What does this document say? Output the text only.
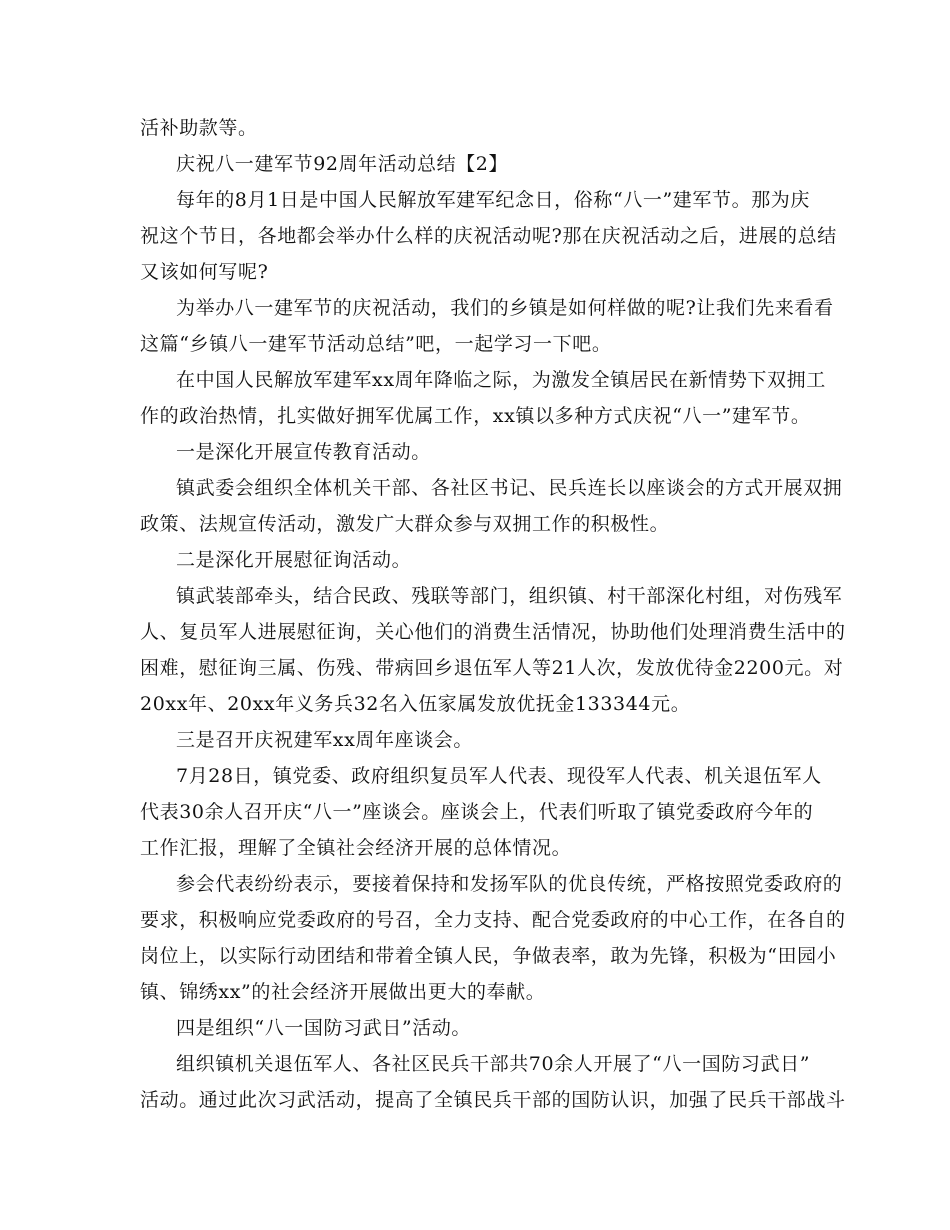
活补助款等。
庆祝八一建军节92周年活动总结【2】
每年的8月1日是中国人民解放军建军纪念日，俗称“八一”建军节。那为庆
祝这个节日，各地都会举办什么样的庆祝活动呢?那在庆祝活动之后，进展的总结
又该如何写呢?
为举办八一建军节的庆祝活动，我们的乡镇是如何样做的呢?让我们先来看看
这篇“乡镇八一建军节活动总结”吧，一起学习一下吧。
在中国人民解放军建军xx周年降临之际，为激发全镇居民在新情势下双拥工
作的政治热情，扎实做好拥军优属工作，xx镇以多种方式庆祝“八一”建军节。
一是深化开展宣传教育活动。
镇武委会组织全体机关干部、各社区书记、民兵连长以座谈会的方式开展双拥
政策、法规宣传活动，激发广大群众参与双拥工作的积极性。
二是深化开展慰征询活动。
镇武装部牵头，结合民政、残联等部门，组织镇、村干部深化村组，对伤残军
人、复员军人进展慰征询，关心他们的消费生活情况，协助他们处理消费生活中的
困难，慰征询三属、伤残、带病回乡退伍军人等21人次，发放优待金2200元。对
20xx年、20xx年义务兵32名入伍家属发放优抚金133344元。
三是召开庆祝建军xx周年座谈会。
7月28日，镇党委、政府组织复员军人代表、现役军人代表、机关退伍军人
代表30余人召开庆“八一”座谈会。座谈会上，代表们听取了镇党委政府今年的
工作汇报，理解了全镇社会经济开展的总体情况。
参会代表纷纷表示，要接着保持和发扬军队的优良传统，严格按照党委政府的
要求，积极响应党委政府的号召，全力支持、配合党委政府的中心工作，在各自的
岗位上，以实际行动团结和带着全镇人民，争做表率，敢为先锋，积极为“田园小
镇、锦绣xx”的社会经济开展做出更大的奉献。
四是组织“八一国防习武日”活动。
组织镇机关退伍军人、各社区民兵干部共70余人开展了“八一国防习武日”
活动。通过此次习武活动，提高了全镇民兵干部的国防认识，加强了民兵干部战斗
